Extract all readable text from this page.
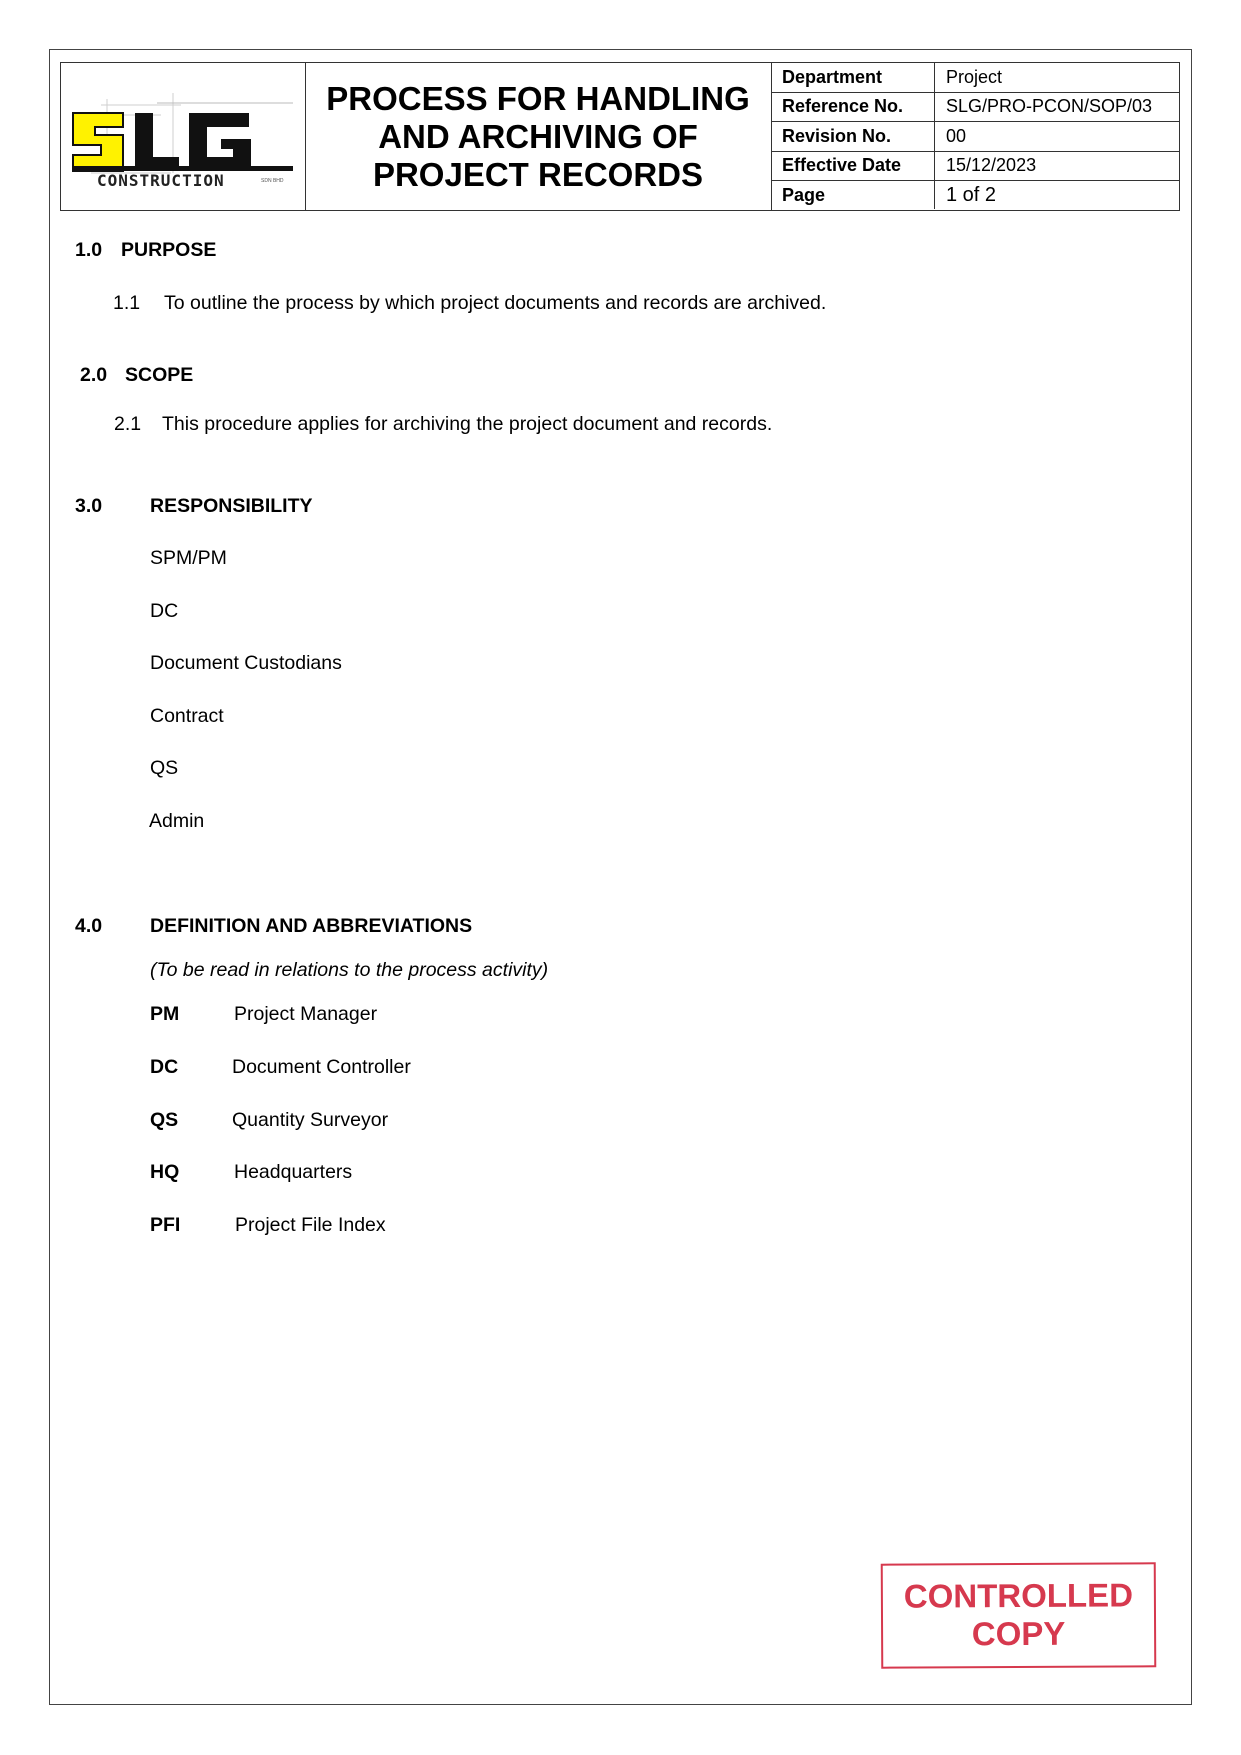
CONSTRUCTION	SDN BHD
PROCESS FOR HANDLING
AND ARCHIVING OF
PROJECT RECORDS
Department	Project
Reference No.	SLG/PRO-PCON/SOP/03
Revision No.	00
Effective Date	15/12/2023
Page	1 of 2
1.0 PURPOSE
1.1 To outline the process by which project documents and records are archived.
2.0 SCOPE
2.1 This procedure applies for archiving the project document and records.
3.0 RESPONSIBILITY
SPM/PM
DC
Document Custodians
Contract
QS
Admin
4.0 DEFINITION AND ABBREVIATIONS
(To be read in relations to the process activity)
PM	Project Manager
DC	Document Controller
QS	Quantity Surveyor
HQ	Headquarters
PFI	Project File Index
CONTROLLED
COPY
